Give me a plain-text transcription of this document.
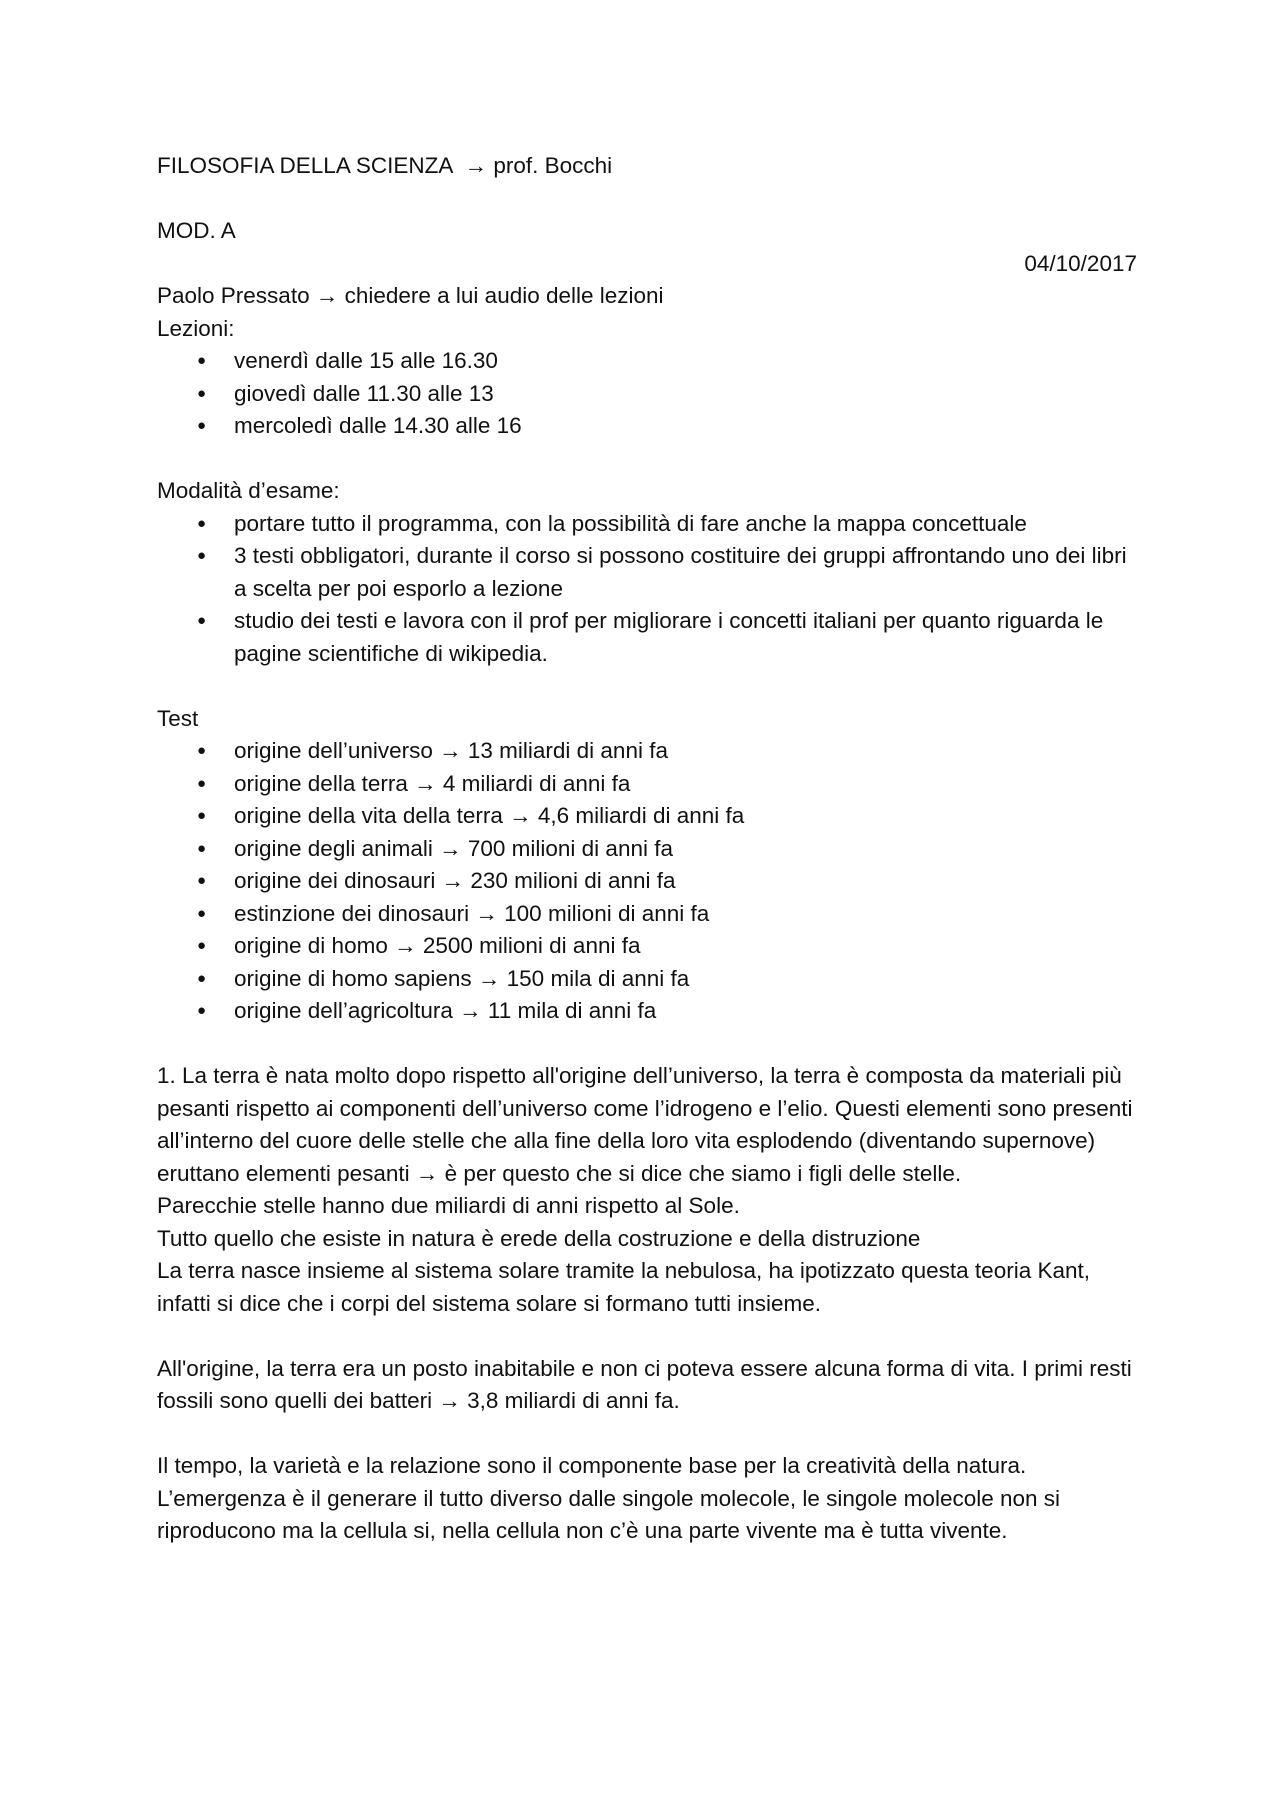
FILOSOFIA DELLA SCIENZA  → prof. Bocchi

MOD. A

04/10/2017

Paolo Pressato → chiedere a lui audio delle lezioni

Lezioni:

● venerdì dalle 15 alle 16.30
● giovedì dalle 11.30 alle 13
● mercoledì dalle 14.30 alle 16

Modalità d’esame:

● portare tutto il programma, con la possibilità di fare anche la mappa concettuale
● 3 testi obbligatori, durante il corso si possono costituire dei gruppi affrontando uno dei libri a scelta per poi esporlo a lezione
● studio dei testi e lavora con il prof per migliorare i concetti italiani per quanto riguarda le pagine scientifiche di wikipedia.

Test

● origine dell’universo → 13 miliardi di anni fa
● origine della terra → 4 miliardi di anni fa
● origine della vita della terra → 4,6 miliardi di anni fa
● origine degli animali → 700 milioni di anni fa
● origine dei dinosauri → 230 milioni di anni fa
● estinzione dei dinosauri → 100 milioni di anni fa
● origine di homo → 2500 milioni di anni fa
● origine di homo sapiens → 150 mila di anni fa
● origine dell’agricoltura → 11 mila di anni fa

1. La terra è nata molto dopo rispetto all'origine dell’universo, la terra è composta da materiali più pesanti rispetto ai componenti dell’universo come l’idrogeno e l’elio. Questi elementi sono presenti all’interno del cuore delle stelle che alla fine della loro vita esplodendo (diventando supernove) eruttano elementi pesanti → è per questo che si dice che siamo i figli delle stelle.

Parecchie stelle hanno due miliardi di anni rispetto al Sole.

Tutto quello che esiste in natura è erede della costruzione e della distruzione

La terra nasce insieme al sistema solare tramite la nebulosa, ha ipotizzato questa teoria Kant, infatti si dice che i corpi del sistema solare si formano tutti insieme.

All'origine, la terra era un posto inabitabile e non ci poteva essere alcuna forma di vita. I primi resti fossili sono quelli dei batteri → 3,8 miliardi di anni fa.

Il tempo, la varietà e la relazione sono il componente base per la creatività della natura.

L’emergenza è il generare il tutto diverso dalle singole molecole, le singole molecole non si riproducono ma la cellula si, nella cellula non c’è una parte vivente ma è tutta vivente.
